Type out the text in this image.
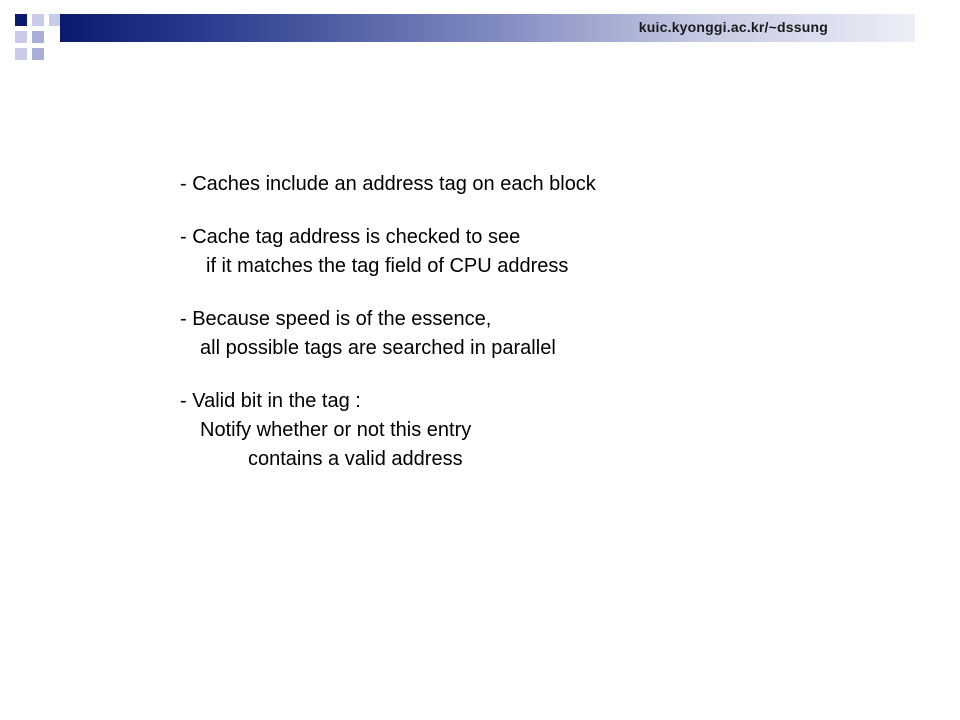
kuic.kyonggi.ac.kr/~dssung
- Caches include an address tag on each block
- Cache tag address is checked to see
if it matches the tag field of CPU address
- Because speed is of the essence,
all possible tags are searched in parallel
- Valid bit in the tag :
Notify whether or not this entry
contains a valid address
